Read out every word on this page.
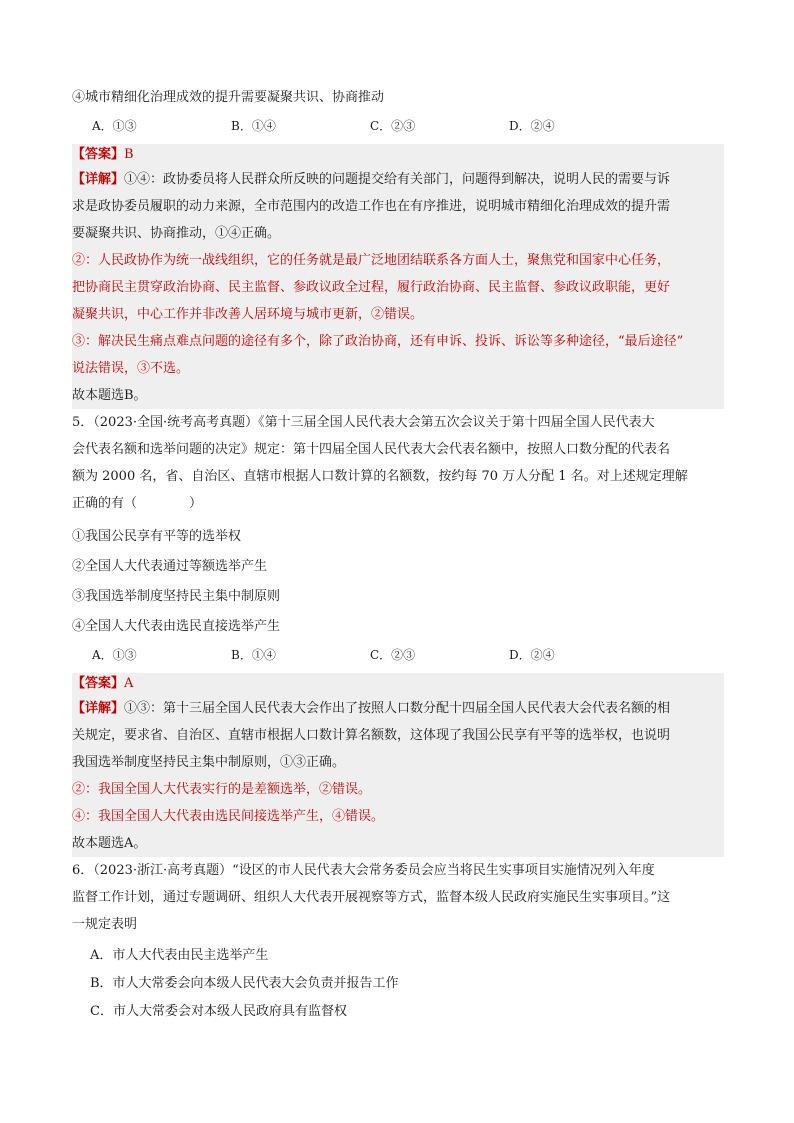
④城市精细化治理成效的提升需要凝聚共识、协商推动
A．①③	B．①④	C．②③	D．②④
【答案】B
【详解】①④：政协委员将人民群众所反映的问题提交给有关部门，问题得到解决，说明人民的需要与诉
求是政协委员履职的动力来源，全市范围内的改造工作也在有序推进，说明城市精细化治理成效的提升需
要凝聚共识、协商推动，①④正确。
②：人民政协作为统一战线组织，它的任务就是最广泛地团结联系各方面人士，聚焦党和国家中心任务，
把协商民主贯穿政治协商、民主监督、参政议政全过程，履行政治协商、民主监督、参政议政职能，更好
凝聚共识，中心工作并非改善人居环境与城市更新，②错误。
③：解决民生痛点难点问题的途径有多个，除了政治协商，还有申诉、投诉、诉讼等多种途径，“最后途径”
说法错误，③不选。
故本题选B。
5．（2023·全国·统考高考真题）《第十三届全国人民代表大会第五次会议关于第十四届全国人民代表大
会代表名额和选举问题的决定》规定：第十四届全国人民代表大会代表名额中，按照人口数分配的代表名
额为 2000 名，省、自治区、直辖市根据人口数计算的名额数，按约每 70 万人分配 1 名。对上述规定理解
正确的有（　　　　）
①我国公民享有平等的选举权
②全国人大代表通过等额选举产生
③我国选举制度坚持民主集中制原则
④全国人大代表由选民直接选举产生
A．①③	B．①④	C．②③	D．②④
【答案】A
【详解】①③：第十三届全国人民代表大会作出了按照人口数分配十四届全国人民代表大会代表名额的相
关规定，要求省、自治区、直辖市根据人口数计算名额数，这体现了我国公民享有平等的选举权，也说明
我国选举制度坚持民主集中制原则，①③正确。
②：我国全国人大代表实行的是差额选举，②错误。
④：我国全国人大代表由选民间接选举产生，④错误。
故本题选A。
6．（2023·浙江·高考真题）“设区的市人民代表大会常务委员会应当将民生实事项目实施情况列入年度
监督工作计划，通过专题调研、组织人大代表开展视察等方式，监督本级人民政府实施民生实事项目。”这
一规定表明
A．市人大代表由民主选举产生
B．市人大常委会向本级人民代表大会负责并报告工作
C．市人大常委会对本级人民政府具有监督权
